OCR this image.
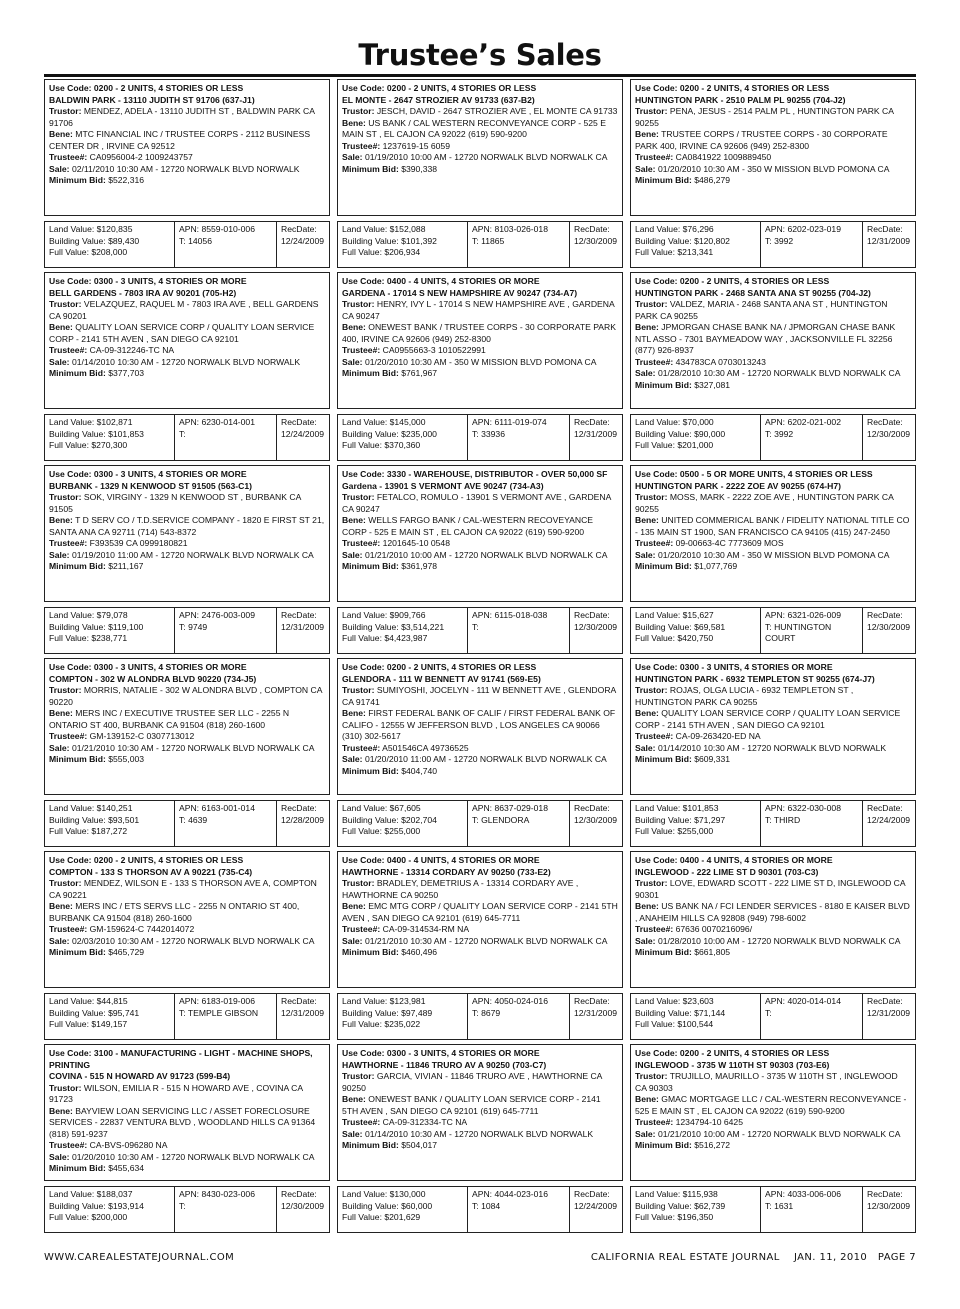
Trustee’s Sales
Use Code: 0200 - 2 UNITS, 4 STORIES OR LESS
BALDWIN PARK - 13110 JUDITH ST 91706 (637-J1)
Trustor: MENDEZ, ADELA - 13110 JUDITH ST , BALDWIN PARK CA 91706
Bene: MTC FINANCIAL INC / TRUSTEE CORPS - 2112 BUSINESS CENTER DR , IRVINE CA 92512
Trustee#: CA0956004-2 1009243757
Sale: 02/11/2010 10:30 AM - 12720 NORWALK BLVD NORWALK
Minimum Bid: $522,316
Land Value: $120,835
Building Value: $89,430
Full Value: $208,000
APN: 8559-010-006
T: 14056
RecDate:
12/24/2009
Use Code: 0200 - 2 UNITS, 4 STORIES OR LESS
EL MONTE - 2647 STROZIER AV 91733 (637-B2)
Trustor: JESCH, DAVID - 2647 STROZIER AVE , EL MONTE CA 91733
Bene: US BANK / CAL WESTERN RECONVEYANCE CORP - 525 E MAIN ST , EL CAJON CA 92022 (619) 590-9200
Trustee#: 1237619-15 6059
Sale: 01/19/2010 10:00 AM - 12720 NORWALK BLVD NORWALK CA
Minimum Bid: $390,338
Land Value: $152,088
Building Value: $101,392
Full Value: $206,934
APN: 8103-026-018
T: 11865
RecDate:
12/30/2009
Use Code: 0200 - 2 UNITS, 4 STORIES OR LESS
HUNTINGTON PARK - 2510 PALM PL 90255 (704-J2)
Trustor: PENA, JESUS - 2514 PALM PL , HUNTINGTON PARK CA 90255
Bene: TRUSTEE CORPS / TRUSTEE CORPS - 30 CORPORATE PARK 400, IRVINE CA 92606 (949) 252-8300
Trustee#: CA0841922 1009889450
Sale: 01/20/2010 10:30 AM - 350 W MISSION BLVD POMONA CA
Minimum Bid: $486,279
Land Value: $76,296
Building Value: $120,802
Full Value: $213,341
APN: 6202-023-019
T: 3992
RecDate:
12/31/2009
Use Code: 0300 - 3 UNITS, 4 STORIES OR MORE
BELL GARDENS - 7803 IRA AV 90201 (705-H2)
Trustor: VELAZQUEZ, RAQUEL M - 7803 IRA AVE , BELL GARDENS CA 90201
Bene: QUALITY LOAN SERVICE CORP / QUALITY LOAN SERVICE CORP - 2141 5TH AVEN , SAN DIEGO CA 92101
Trustee#: CA-09-312246-TC NA
Sale: 01/14/2010 10:30 AM - 12720 NORWALK BLVD NORWALK
Minimum Bid: $377,703
Land Value: $102,871
Building Value: $101,853
Full Value: $270,300
APN: 6230-014-001
T:
RecDate:
12/24/2009
Use Code: 0400 - 4 UNITS, 4 STORIES OR MORE
GARDENA - 17014 S NEW HAMPSHIRE AV 90247 (734-A7)
Trustor: HENRY, IVY L - 17014 S NEW HAMPSHIRE AVE , GARDENA CA 90247
Bene: ONEWEST BANK / TRUSTEE CORPS - 30 CORPORATE PARK 400, IRVINE CA 92606 (949) 252-8300
Trustee#: CA0955663-3 1010522991
Sale: 01/20/2010 10:30 AM - 350 W MISSION BLVD POMONA CA
Minimum Bid: $761,967
Land Value: $145,000
Building Value: $235,000
Full Value: $370,360
APN: 6111-019-074
T: 33936
RecDate:
12/31/2009
Use Code: 0200 - 2 UNITS, 4 STORIES OR LESS
HUNTINGTON PARK - 2468 SANTA ANA ST 90255 (704-J2)
Trustor: VALDEZ, MARIA - 2468 SANTA ANA ST , HUNTINGTON PARK CA 90255
Bene: JPMORGAN CHASE BANK NA / JPMORGAN CHASE BANK NTL ASSO - 7301 BAYMEADOW WAY , JACKSONVILLE FL 32256 (877) 926-8937
Trustee#: 434783CA 0703013243
Sale: 01/28/2010 10:30 AM - 12720 NORWALK BLVD NORWALK CA
Minimum Bid: $327,081
Land Value: $70,000
Building Value: $90,000
Full Value: $201,000
APN: 6202-021-002
T: 3992
RecDate:
12/30/2009
Use Code: 0300 - 3 UNITS, 4 STORIES OR MORE
BURBANK - 1329 N KENWOOD ST 91505 (563-C1)
Trustor: SOK, VIRGINY - 1329 N KENWOOD ST , BURBANK CA 91505
Bene: T D SERV CO / T.D.SERVICE COMPANY - 1820 E FIRST ST 21, SANTA ANA CA 92711 (714) 543-8372
Trustee#: F393539 CA 0999180821
Sale: 01/19/2010 11:00 AM - 12720 NORWALK BLVD NORWALK CA
Minimum Bid: $211,167
Land Value: $79,078
Building Value: $119,100
Full Value: $238,771
APN: 2476-003-009
T: 9749
RecDate:
12/31/2009
Use Code: 3330 - WAREHOUSE, DISTRIBUTOR - OVER 50,000 SF
Gardena - 13901 S VERMONT AVE 90247 (734-A3)
Trustor: FETALCO, ROMULO - 13901 S VERMONT AVE , GARDENA CA 90247
Bene: WELLS FARGO BANK / CAL-WESTERN RECOVEYANCE CORP - 525 E MAIN ST , EL CAJON CA 92022 (619) 590-9200
Trustee#: 1201645-10 0548
Sale: 01/21/2010 10:00 AM - 12720 NORWALK BLVD NORWALK CA
Minimum Bid: $361,978
Land Value: $909,766
Building Value: $3,514,221
Full Value: $4,423,987
APN: 6115-018-038
T:
RecDate:
12/30/2009
Use Code: 0500 - 5 OR MORE UNITS, 4 STORIES OR LESS
HUNTINGTON PARK - 2222 ZOE AV 90255 (674-H7)
Trustor: MOSS, MARK - 2222 ZOE AVE , HUNTINGTON PARK CA 90255
Bene: UNITED COMMERICAL BANK / FIDELITY NATIONAL TITLE CO - 135 MAIN ST 1900, SAN FRANCISCO CA 94105 (415) 247-2450
Trustee#: 09-00663-4C 7773609 MOS
Sale: 01/20/2010 10:30 AM - 350 W MISSION BLVD POMONA CA
Minimum Bid: $1,077,769
Land Value: $15,627
Building Value: $69,581
Full Value: $420,750
APN: 6321-026-009
T: HUNTINGTON COURT
RecDate:
12/30/2009
Use Code: 0300 - 3 UNITS, 4 STORIES OR MORE
COMPTON - 302 W ALONDRA BLVD 90220 (734-J5)
Trustor: MORRIS, NATALIE - 302 W ALONDRA BLVD , COMPTON CA 90220
Bene: MERS INC / EXECUTIVE TRUSTEE SER LLC - 2255 N ONTARIO ST 400, BURBANK CA 91504 (818) 260-1600
Trustee#: GM-139152-C 0307713012
Sale: 01/21/2010 10:30 AM - 12720 NORWALK BLVD NORWALK CA
Minimum Bid: $555,003
Land Value: $140,251
Building Value: $93,501
Full Value: $187,272
APN: 6163-001-014
T: 4639
RecDate:
12/28/2009
Use Code: 0200 - 2 UNITS, 4 STORIES OR LESS
GLENDORA - 111 W BENNETT AV 91741 (569-E5)
Trustor: SUMIYOSHI, JOCELYN - 111 W BENNETT AVE , GLENDORA CA 91741
Bene: FIRST FEDERAL BANK OF CALIF / FIRST FEDERAL BANK OF CALIFO - 12555 W JEFFERSON BLVD , LOS ANGELES CA 90066 (310) 302-5617
Trustee#: A501546CA 49736525
Sale: 01/20/2010 11:00 AM - 12720 NORWALK BLVD NORWALK CA
Minimum Bid: $404,740
Land Value: $67,605
Building Value: $202,704
Full Value: $255,000
APN: 8637-029-018
T: GLENDORA
RecDate:
12/30/2009
Use Code: 0300 - 3 UNITS, 4 STORIES OR MORE
HUNTINGTON PARK - 6932 TEMPLETON ST 90255 (674-J7)
Trustor: ROJAS, OLGA LUCIA - 6932 TEMPLETON ST , HUNTINGTON PARK CA 90255
Bene: QUALITY LOAN SERVICE CORP / QUALITY LOAN SERVICE CORP - 2141 5TH AVEN , SAN DIEGO CA 92101
Trustee#: CA-09-263420-ED NA
Sale: 01/14/2010 10:30 AM - 12720 NORWALK BLVD NORWALK
Minimum Bid: $609,331
Land Value: $101,853
Building Value: $71,297
Full Value: $255,000
APN: 6322-030-008
T: THIRD
RecDate:
12/24/2009
Use Code: 0200 - 2 UNITS, 4 STORIES OR LESS
COMPTON - 133 S THORSON AV A 90221 (735-C4)
Trustor: MENDEZ, WILSON E - 133 S THORSON AVE A, COMPTON CA 90221
Bene: MERS INC / ETS SERVS LLC - 2255 N ONTARIO ST 400, BURBANK CA 91504 (818) 260-1600
Trustee#: GM-159624-C 7442014072
Sale: 02/03/2010 10:30 AM - 12720 NORWALK BLVD NORWALK CA
Minimum Bid: $465,729
Land Value: $44,815
Building Value: $95,741
Full Value: $149,157
APN: 6183-019-006
T: TEMPLE GIBSON
RecDate:
12/31/2009
Use Code: 0400 - 4 UNITS, 4 STORIES OR MORE
HAWTHORNE - 13314 CORDARY AV 90250 (733-E2)
Trustor: BRADLEY, DEMETRIUS A - 13314 CORDARY AVE , HAWTHORNE CA 90250
Bene: EMC MTG CORP / QUALITY LOAN SERVICE CORP - 2141 5TH AVEN , SAN DIEGO CA 92101 (619) 645-7711
Trustee#: CA-09-314534-RM NA
Sale: 01/21/2010 10:30 AM - 12720 NORWALK BLVD NORWALK CA
Minimum Bid: $460,496
Land Value: $123,981
Building Value: $97,489
Full Value: $235,022
APN: 4050-024-016
T: 8679
RecDate:
12/31/2009
Use Code: 0400 - 4 UNITS, 4 STORIES OR MORE
INGLEWOOD - 222 LIME ST D 90301 (703-C3)
Trustor: LOVE, EDWARD SCOTT - 222 LIME ST D, INGLEWOOD CA 90301
Bene: US BANK NA / FCI LENDER SERVICES - 8180 E KAISER BLVD , ANAHEIM HILLS CA 92808 (949) 798-6002
Trustee#: 67636 0070216096/
Sale: 01/28/2010 10:00 AM - 12720 NORWALK BLVD NORWALK CA
Minimum Bid: $661,805
Land Value: $23,603
Building Value: $71,144
Full Value: $100,544
APN: 4020-014-014
T:
RecDate:
12/31/2009
Use Code: 3100 - MANUFACTURING - LIGHT - MACHINE SHOPS, PRINTING
COVINA - 515 N HOWARD AV 91723 (599-B4)
Trustor: WILSON, EMILIA R - 515 N HOWARD AVE , COVINA CA 91723
Bene: BAYVIEW LOAN SERVICING LLC / ASSET FORECLOSURE SERVICES - 22837 VENTURA BLVD , WOODLAND HILLS CA 91364 (818) 591-9237
Trustee#: CA-BVS-096280 NA
Sale: 01/20/2010 10:30 AM - 12720 NORWALK BLVD NORWALK CA
Minimum Bid: $455,634
Land Value: $188,037
Building Value: $193,914
Full Value: $200,000
APN: 8430-023-006
T:
RecDate:
12/30/2009
Use Code: 0300 - 3 UNITS, 4 STORIES OR MORE
HAWTHORNE - 11846 TRURO AV A 90250 (703-C7)
Trustor: GARCIA, VIVIAN - 11846 TRURO AVE , HAWTHORNE CA 90250
Bene: ONEWEST BANK / QUALITY LOAN SERVICE CORP - 2141 5TH AVEN , SAN DIEGO CA 92101 (619) 645-7711
Trustee#: CA-09-312334-TC NA
Sale: 01/14/2010 10:30 AM - 12720 NORWALK BLVD NORWALK
Minimum Bid: $504,017
Land Value: $130,000
Building Value: $60,000
Full Value: $201,629
APN: 4044-023-016
T: 1084
RecDate:
12/24/2009
Use Code: 0200 - 2 UNITS, 4 STORIES OR LESS
INGLEWOOD - 3735 W 110TH ST 90303 (703-E6)
Trustor: TRUJILLO, MAURILLO - 3735 W 110TH ST , INGLEWOOD CA 90303
Bene: GMAC MORTGAGE LLC / CAL-WESTERN RECONVEYANCE - 525 E MAIN ST , EL CAJON CA 92022 (619) 590-9200
Trustee#: 1234794-10 6425
Sale: 01/21/2010 10:00 AM - 12720 NORWALK BLVD NORWALK CA
Minimum Bid: $516,272
Land Value: $115,938
Building Value: $62,739
Full Value: $196,350
APN: 4033-006-006
T: 1631
RecDate:
12/30/2009
WWW.CAREALESTATEJOURNAL.COM	CALIFORNIA REAL ESTATE JOURNAL    JAN. 11, 2010   PAGE 7
